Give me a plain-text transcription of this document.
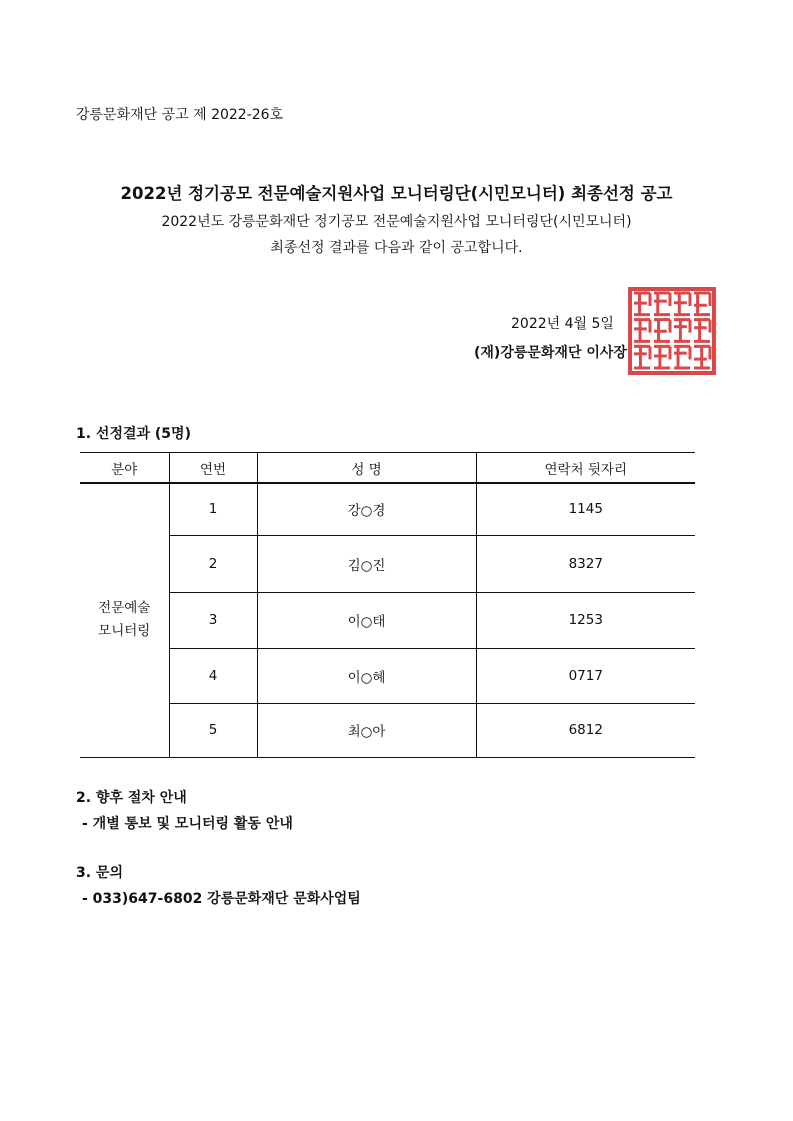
강릉문화재단 공고 제 2022-26호
2022년 정기공모 전문예술지원사업 모니터링단(시민모니터) 최종선정 공고
2022년도 강릉문화재단 정기공모 전문예술지원사업 모니터링단(시민모니터)
최종선정 결과를 다음과 같이 공고합니다.
2022년 4월 5일
(재)강릉문화재단 이사장
1. 선정결과 (5명)
분야	연번	성 명	연락처 뒷자리

전문예술
모니터링	1	강○경	1145
	2	김○진	8327
	3	이○태	1253
	4	이○혜	0717
	5	최○아	6812
2. 향후 절차 안내
- 개별 통보 및 모니터링 활동 안내
3. 문의
- 033)647-6802 강릉문화재단 문화사업팀
